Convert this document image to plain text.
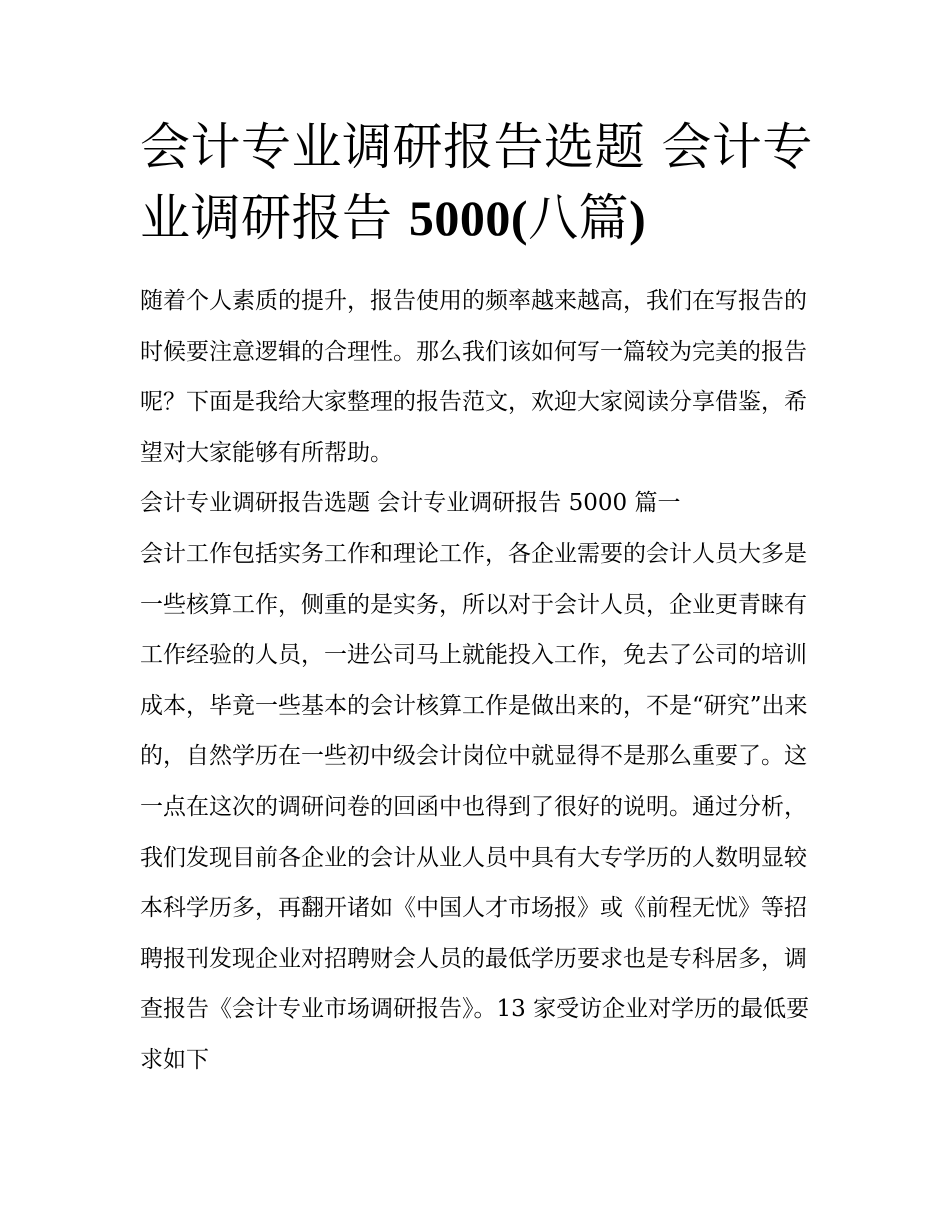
会计专业调研报告选题 会计专业调研报告 5000(八篇)

随着个人素质的提升，报告使用的频率越来越高，我们在写报告的时候要注意逻辑的合理性。那么我们该如何写一篇较为完美的报告呢？下面是我给大家整理的报告范文，欢迎大家阅读分享借鉴，希望对大家能够有所帮助。

会计专业调研报告选题 会计专业调研报告 5000 篇一

会计工作包括实务工作和理论工作，各企业需要的会计人员大多是一些核算工作，侧重的是实务，所以对于会计人员，企业更青睐有工作经验的人员，一进公司马上就能投入工作，免去了公司的培训成本，毕竟一些基本的会计核算工作是做出来的，不是“研究”出来的，自然学历在一些初中级会计岗位中就显得不是那么重要了。这一点在这次的调研问卷的回函中也得到了很好的说明。通过分析，我们发现目前各企业的会计从业人员中具有大专学历的人数明显较本科学历多，再翻开诸如《中国人才市场报》或《前程无忧》等招聘报刊发现企业对招聘财会人员的最低学历要求也是专科居多，调查报告《会计专业市场调研报告》。13 家受访企业对学历的最低要求如下
